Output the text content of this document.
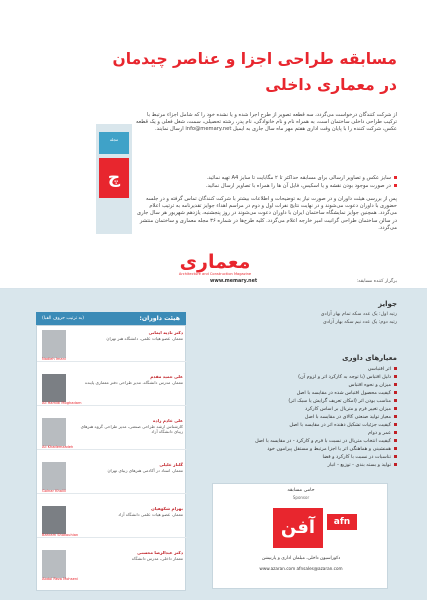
مسابقه طراحی اجزا و عناصر چیدمان
در معماری داخلی
از شرکت کنندگان درخواست می‌گردد، سه قطعه تصویر از طرح اجرا شده و یا نشده خود را که شامل اجزاء مرتبط با ترکیب طراحی داخلی ساختمان است، به همراه نام و نام خانوادگی، نام پدر، رشته تحصیلی، سمت، شغل فعلی و یک قطعه عکس، شرکت کننده را با پایان وقت اداری هفتم مهر ماه سال جاری به ایمیل info@memary.net ارسال نمایند.
سایز عکس و تصاویر ارسالی برای مسابقه حداکثر تا ۲ مگابایت تا سایز A4 تهیه نمائید.
در صورت موجود بودن نقشه و یا اسکیس، فایل آن ها را همراه با تصاویر ارسال نمائید.
پس از بررسی هیئت داوران و در صورت نیاز به توضیحات و اطلاعات بیشتر با شرکت کنندگان تماس گرفته و در جلسه حضوری با داوران دعوت می‌شوند و در نهایت نتایج نفرات اول و دوم در مراسم اهداء جوایز تقدیرنامه به ترتیب اعلام می‌گردد. همچنین جوایز نمایشگاه ساختمان ایران با داوران دعوت می‌شوند در روز پنجشنبه، یازدهم شهریور هر سال جاری در سالن ساختمان طراحی گرانیت امیر خارجه اعلام می‌گردد. کلیه طرح‌ها در شماره ۳۶ مجله معماری و ساختمان منتشر می‌گردد.
مجله
چ
معماری
Architecture and Construction Magazine
برگزار کننده مسابقه:
www.memary.net
هیئت داوران:
(به ترتیب حروف الفبا)
دکتر نادیه ایمانی
معمار، عضو هیات علمی، دانشگاه هنر تهران
Nadieh Imani
علی حمید مقدم
معمار، مدرس دانشگاه، مدیر طراحی دفتر معماری پاینده
Ali Hamidi Moghadam
علی خادم زاده
کارشناس ارشد طراحی صنعتی، مدیر طراحی گروه هنرهای زیبای دانشگاه آزاد
Ali Khademzadeh
گلنار خلیلی
معمار، استاد در آکادمی هنرهای زیبای تهران
Golnar Khalili
بهرام شکوهیان
معمار، عضو هیات علمی دانشگاه آزاد
Bahram Shokouhian
دکتر عبدالرضا محسنی
معمار داخلی، مدرس دانشگاه
Abdol Reza Mohseni
جوایز
رتبه اول: یک عدد سکه تمام بهار آزادی
رتبه دوم: یک عدد نیم سکه بهار آزادی
معیارهای داوری
اثر اقتباسی
دلیل اقتباس (با توجه به کارکرد اثر و لزوم آن)
میزان و نحوه اقتباس
کیفیت محصول اقتباس شده در مقایسه با اصل
مناسب بودن اثر (امکان تعریف گرایش یا سبک اثر)
میزان تغییر فرم و متریال بر اساس کارکرد
معیار تولید صنعتی کالای در مقایسه با اصل
کیفیت جزئیات تشکیل دهنده اثر در مقایسه با اصل
عمر و دوام
کیفیت انتخاب متریال در نسبت با فرم و کارکرد - در مقایسه با اصل
همنشینی و هماهنگی اثر با اجزا مرتبط و مستقل پیرامون خود
تناسبات در نسبت با کارکرد و فضا
تولید و بسته بندی - توزیع - انبار
حامی مسابقه
Sponsor
آفن	afn
دکوراسیون داخلی، مبلمان اداری و پارتیشن
www.azaran.com afnsales@azaran.com
